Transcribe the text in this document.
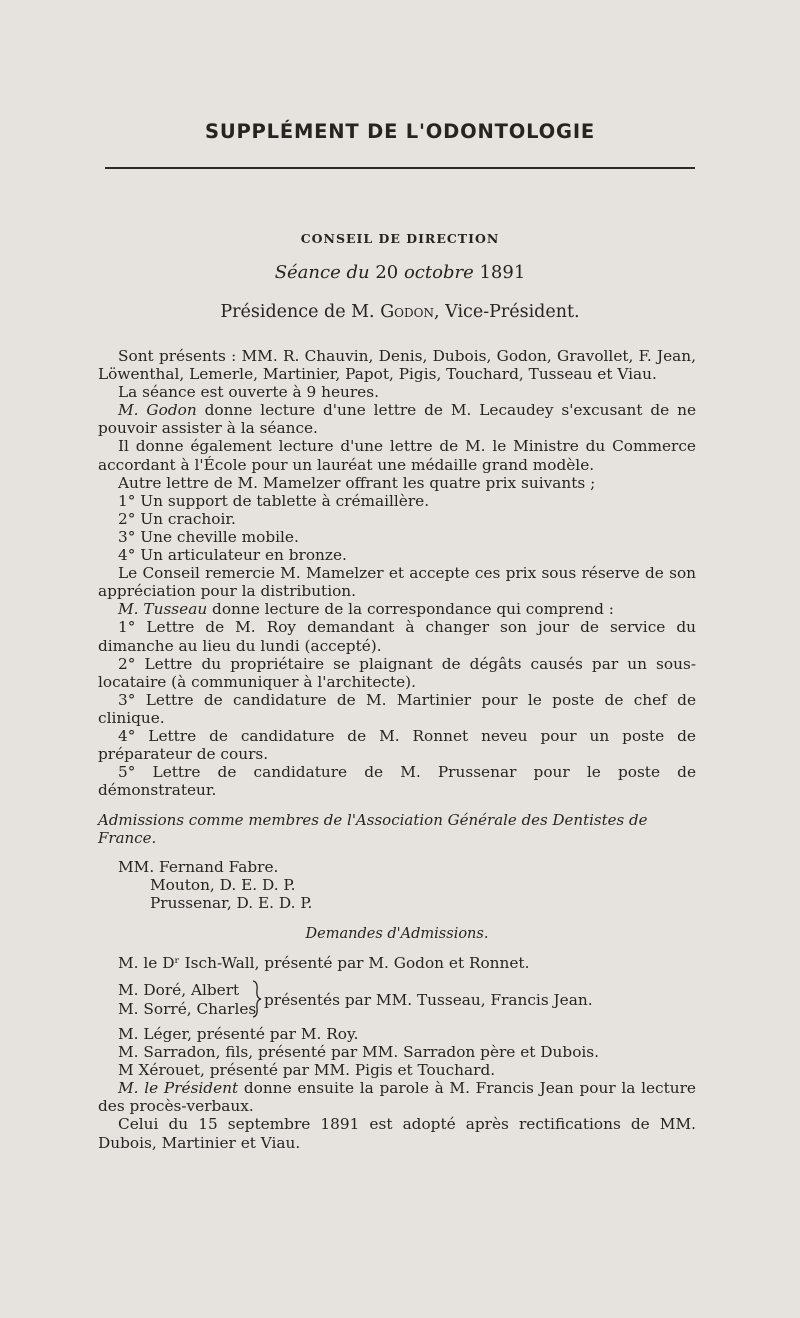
SUPPLÉMENT DE L'ODONTOLOGIE
CONSEIL DE DIRECTION
Séance du 20 octobre 1891
Présidence de M. Godon, Vice-Président.

Sont présents : MM. R. Chauvin, Denis, Dubois, Godon, Gravollet, F. Jean, Löwenthal, Lemerle, Martinier, Papot, Pigis, Touchard, Tusseau et Viau.

La séance est ouverte à 9 heures.

M. Godon donne lecture d'une lettre de M. Lecaudey s'excusant de ne pouvoir assister à la séance.

Il donne également lecture d'une lettre de M. le Ministre du Commerce accordant à l'École pour un lauréat une médaille grand modèle.

Autre lettre de M. Mamelzer offrant les quatre prix suivants ;

1° Un support de tablette à crémaillère.

2° Un crachoir.

3° Une cheville mobile.

4° Un articulateur en bronze.

Le Conseil remercie M. Mamelzer et accepte ces prix sous réserve de son appréciation pour la distribution.

M. Tusseau donne lecture de la correspondance qui comprend :

1° Lettre de M. Roy demandant à changer son jour de service du dimanche au lieu du lundi (accepté).

2° Lettre du propriétaire se plaignant de dégâts causés par un sous-locataire (à communiquer à l'architecte).

3° Lettre de candidature de M. Martinier pour le poste de chef de clinique.

4° Lettre de candidature de M. Ronnet neveu pour un poste de préparateur de cours.

5° Lettre de candidature de M. Prussenar pour le poste de démonstrateur.

Admissions comme membres de l'Association Générale des Dentistes de France.

MM. Fernand Fabre.

Mouton, D. E. D. P.

Prussenar, D. E. D. P.

Demandes d'Admissions.

M. le Dʳ Isch-Wall, présenté par M. Godon et Ronnet.

M. Doré, Albert
M. Sorré, Charles présentés par MM. Tusseau, Francis Jean.

M. Léger, présenté par M. Roy.

M. Sarradon, fils, présenté par MM. Sarradon père et Dubois.

M Xérouet, présenté par MM. Pigis et Touchard.

M. le Président donne ensuite la parole à M. Francis Jean pour la lecture des procès-verbaux.

Celui du 15 septembre 1891 est adopté après rectifications de MM. Dubois, Martinier et Viau.
